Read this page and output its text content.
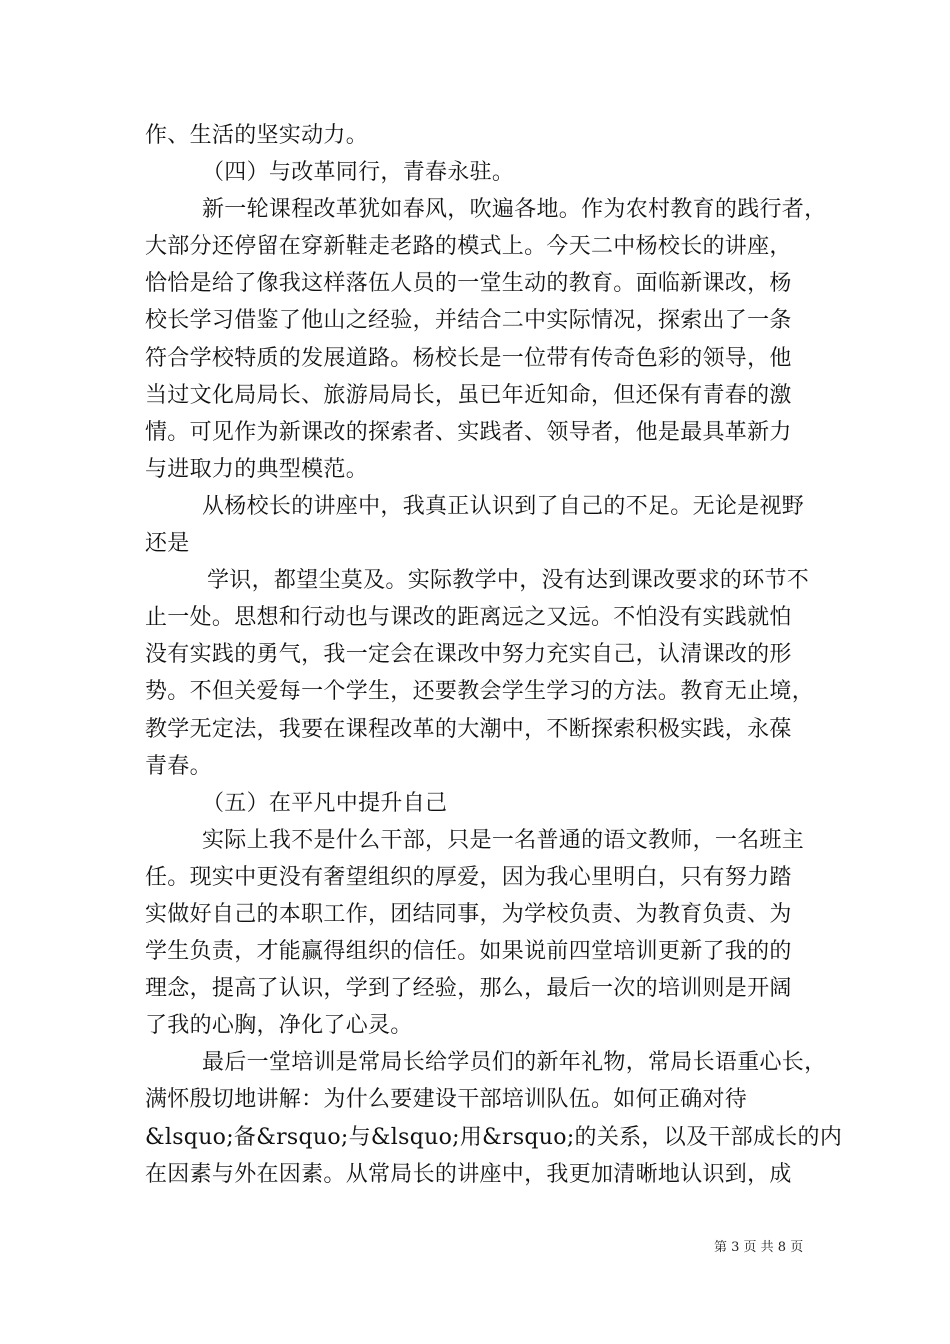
作、生活的坚实动力。
（四）与改革同行，青春永驻。
新一轮课程改革犹如春风，吹遍各地。作为农村教育的践行者，
大部分还停留在穿新鞋走老路的模式上。今天二中杨校长的讲座，
恰恰是给了像我这样落伍人员的一堂生动的教育。面临新课改，杨
校长学习借鉴了他山之经验，并结合二中实际情况，探索出了一条
符合学校特质的发展道路。杨校长是一位带有传奇色彩的领导，他
当过文化局局长、旅游局局长，虽已年近知命，但还保有青春的激
情。可见作为新课改的探索者、实践者、领导者，他是最具革新力
与进取力的典型模范。
从杨校长的讲座中，我真正认识到了自己的不足。无论是视野
还是
学识，都望尘莫及。实际教学中，没有达到课改要求的环节不
止一处。思想和行动也与课改的距离远之又远。不怕没有实践就怕
没有实践的勇气，我一定会在课改中努力充实自己，认清课改的形
势。不但关爱每一个学生，还要教会学生学习的方法。教育无止境，
教学无定法，我要在课程改革的大潮中，不断探索积极实践，永葆
青春。
（五）在平凡中提升自己
实际上我不是什么干部，只是一名普通的语文教师，一名班主
任。现实中更没有奢望组织的厚爱，因为我心里明白，只有努力踏
实做好自己的本职工作，团结同事，为学校负责、为教育负责、为
学生负责，才能赢得组织的信任。如果说前四堂培训更新了我的的
理念，提高了认识，学到了经验，那么，最后一次的培训则是开阔
了我的心胸，净化了心灵。
最后一堂培训是常局长给学员们的新年礼物，常局长语重心长，
满怀殷切地讲解：为什么要建设干部培训队伍。如何正确对待
&lsquo;备&rsquo;与&lsquo;用&rsquo;的关系，以及干部成长的内
在因素与外在因素。从常局长的讲座中，我更加清晰地认识到，成
第 3 页 共 8 页
